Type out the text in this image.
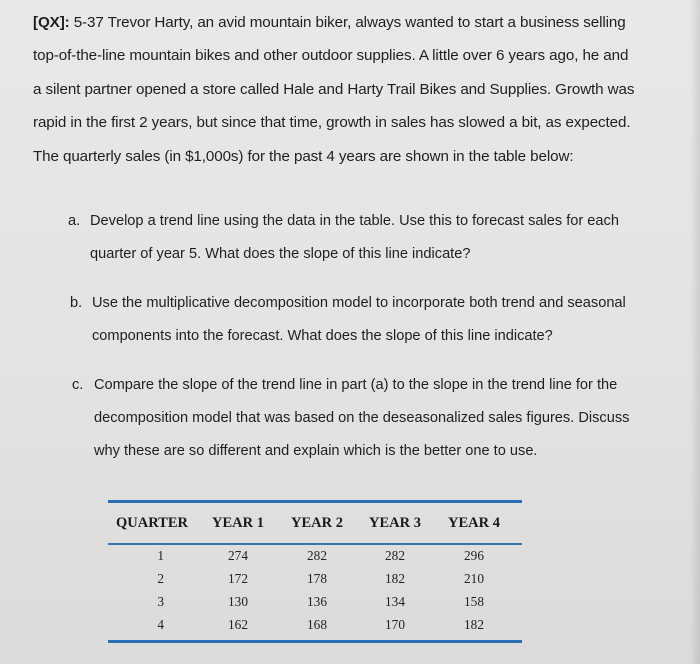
[QX]: 5-37 Trevor Harty, an avid mountain biker, always wanted to start a business selling
top-of-the-line mountain bikes and other outdoor supplies. A little over 6 years ago, he and
a silent partner opened a store called Hale and Harty Trail Bikes and Supplies. Growth was
rapid in the first 2 years, but since that time, growth in sales has slowed a bit, as expected.
The quarterly sales (in $1,000s) for the past 4 years are shown in the table below:
a. Develop a trend line using the data in the table. Use this to forecast sales for each
quarter of year 5. What does the slope of this line indicate?
b. Use the multiplicative decomposition model to incorporate both trend and seasonal
components into the forecast. What does the slope of this line indicate?
c. Compare the slope of the trend line in part (a) to the slope in the trend line for the
decomposition model that was based on the deseasonalized sales figures. Discuss
why these are so different and explain which is the better one to use.
QUARTER	YEAR 1	YEAR 2	YEAR 3	YEAR 4
1	274	282	282	296
2	172	178	182	210
3	130	136	134	158
4	162	168	170	182
